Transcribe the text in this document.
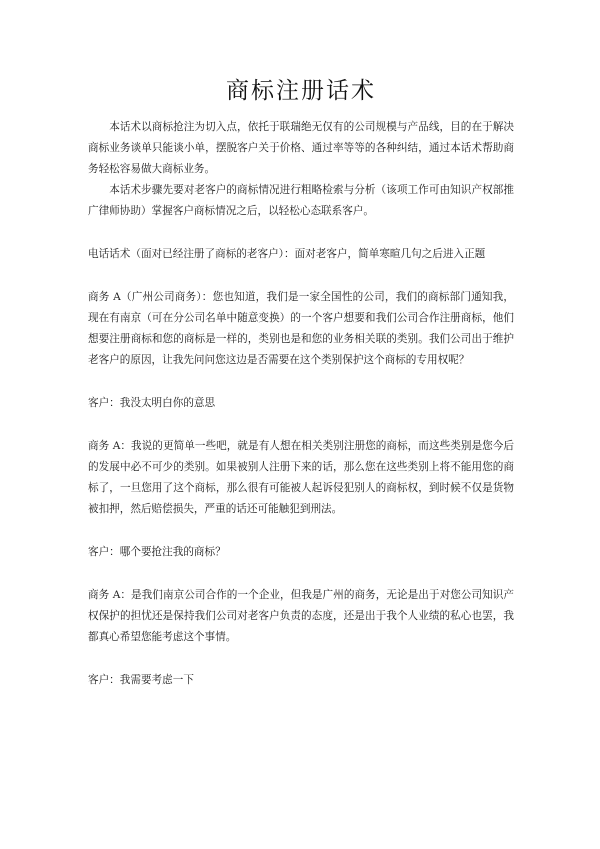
商标注册话术

本话术以商标抢注为切入点，依托于联瑞绝无仅有的公司规模与产品线，目的在于解决商标业务谈单只能谈小单，摆脱客户关于价格、通过率等等的各种纠结，通过本话术帮助商务轻松容易做大商标业务。

本话术步骤先要对老客户的商标情况进行粗略检索与分析（该项工作可由知识产权部推广律师协助）掌握客户商标情况之后，以轻松心态联系客户。

电话话术（面对已经注册了商标的老客户）：面对老客户，简单寒暄几句之后进入正题

商务 A（广州公司商务）：您也知道，我们是一家全国性的公司，我们的商标部门通知我，现在有南京（可在分公司名单中随意变换）的一个客户想要和我们公司合作注册商标，他们想要注册商标和您的商标是一样的，类别也是和您的业务相关联的类别。我们公司出于维护老客户的原因，让我先问问您这边是否需要在这个类别保护这个商标的专用权呢？

客户：我没太明白你的意思

商务 A：我说的更简单一些吧，就是有人想在相关类别注册您的商标，而这些类别是您今后的发展中必不可少的类别。如果被别人注册下来的话，那么您在这些类别上将不能用您的商标了，一旦您用了这个商标，那么很有可能被人起诉侵犯别人的商标权，到时候不仅是货物被扣押，然后赔偿损失，严重的话还可能触犯到刑法。

客户：哪个要抢注我的商标？

商务 A：是我们南京公司合作的一个企业，但我是广州的商务，无论是出于对您公司知识产权保护的担忧还是保持我们公司对老客户负责的态度，还是出于我个人业绩的私心也罢，我都真心希望您能考虑这个事情。

客户：我需要考虑一下
